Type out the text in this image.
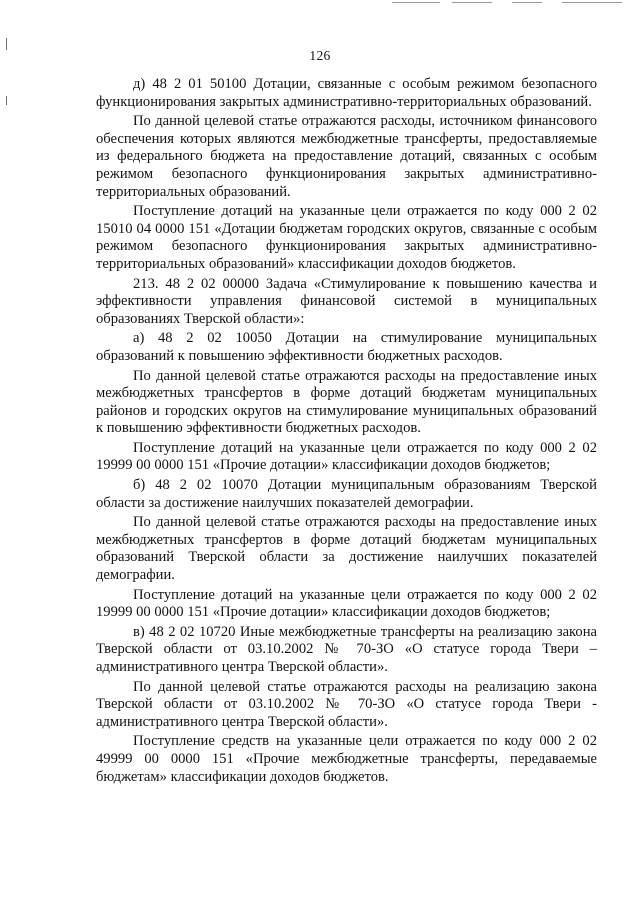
126

д) 48 2 01 50100 Дотации, связанные с особым режимом безопасного функционирования закрытых административно-территориальных образований.

По данной целевой статье отражаются расходы, источником финансового обеспечения которых являются межбюджетные трансферты, предоставляемые из федерального бюджета на предоставление дотаций, связанных с особым режимом безопасного функционирования закрытых административно-территориальных образований.

Поступление дотаций на указанные цели отражается по коду 000 2 02 15010 04 0000 151 «Дотации бюджетам городских округов, связанные с особым режимом безопасного функционирования закрытых административно-территориальных образований» классификации доходов бюджетов.

213. 48 2 02 00000 Задача «Стимулирование к повышению качества и эффективности управления финансовой системой в муниципальных образованиях Тверской области»:

а) 48 2 02 10050 Дотации на стимулирование муниципальных образований к повышению эффективности бюджетных расходов.

По данной целевой статье отражаются расходы на предоставление иных межбюджетных трансфертов в форме дотаций бюджетам муниципальных районов и городских округов на стимулирование муниципальных образований к повышению эффективности бюджетных расходов.

Поступление дотаций на указанные цели отражается по коду 000 2 02 19999 00 0000 151 «Прочие дотации» классификации доходов бюджетов;

б) 48 2 02 10070 Дотации муниципальным образованиям Тверской области за достижение наилучших показателей демографии.

По данной целевой статье отражаются расходы на предоставление иных межбюджетных трансфертов в форме дотаций бюджетам муниципальных образований Тверской области за достижение наилучших показателей демографии.

Поступление дотаций на указанные цели отражается по коду 000 2 02 19999 00 0000 151 «Прочие дотации» классификации доходов бюджетов;

в) 48 2 02 10720 Иные межбюджетные трансферты на реализацию закона Тверской области от 03.10.2002 № 70-ЗО «О статусе города Твери – административного центра Тверской области».

По данной целевой статье отражаются расходы на реализацию закона Тверской области от 03.10.2002 № 70-ЗО «О статусе города Твери - административного центра Тверской области».

Поступление средств на указанные цели отражается по коду 000 2 02 49999 00 0000 151 «Прочие межбюджетные трансферты, передаваемые бюджетам» классификации доходов бюджетов.
